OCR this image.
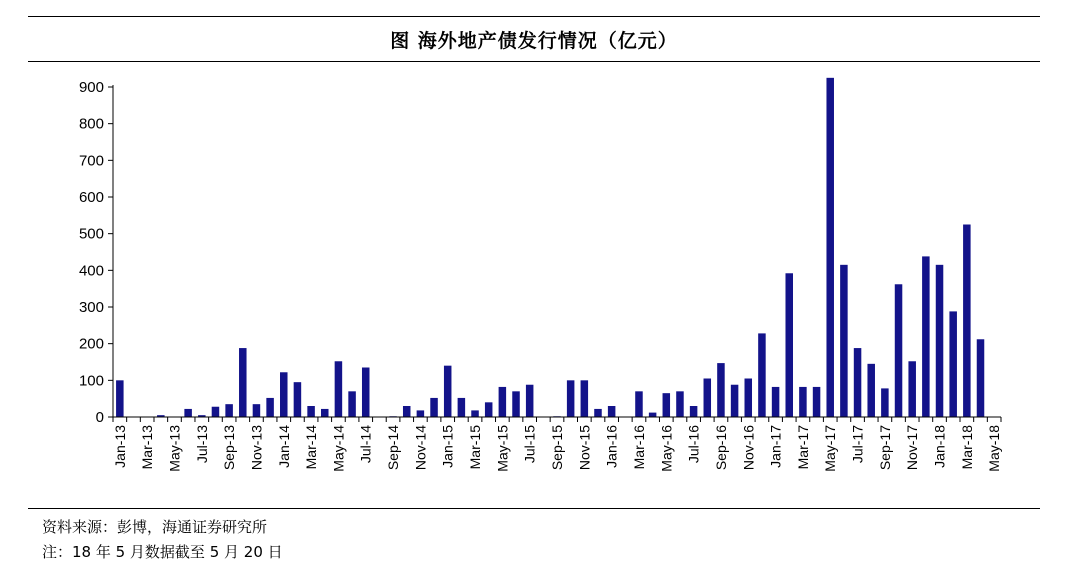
图 海外地产债发行情况（亿元）
0
100
200
300
400
500
600
700
800
900
Jan-13 Mar-13 May-13 Jul-13 Sep-13 Nov-13 Jan-14 Mar-14 May-14 Jul-14 Sep-14 Nov-14 Jan-15 Mar-15 May-15 Jul-15 Sep-15 Nov-15 Jan-16 Mar-16 May-16 Jul-16 Sep-16 Nov-16 Jan-17 Mar-17 May-17 Jul-17 Sep-17 Nov-17 Jan-18 Mar-18 May-18
资料来源：彭博，海通证券研究所
注：18 年 5 月数据截至 5 月 20 日
